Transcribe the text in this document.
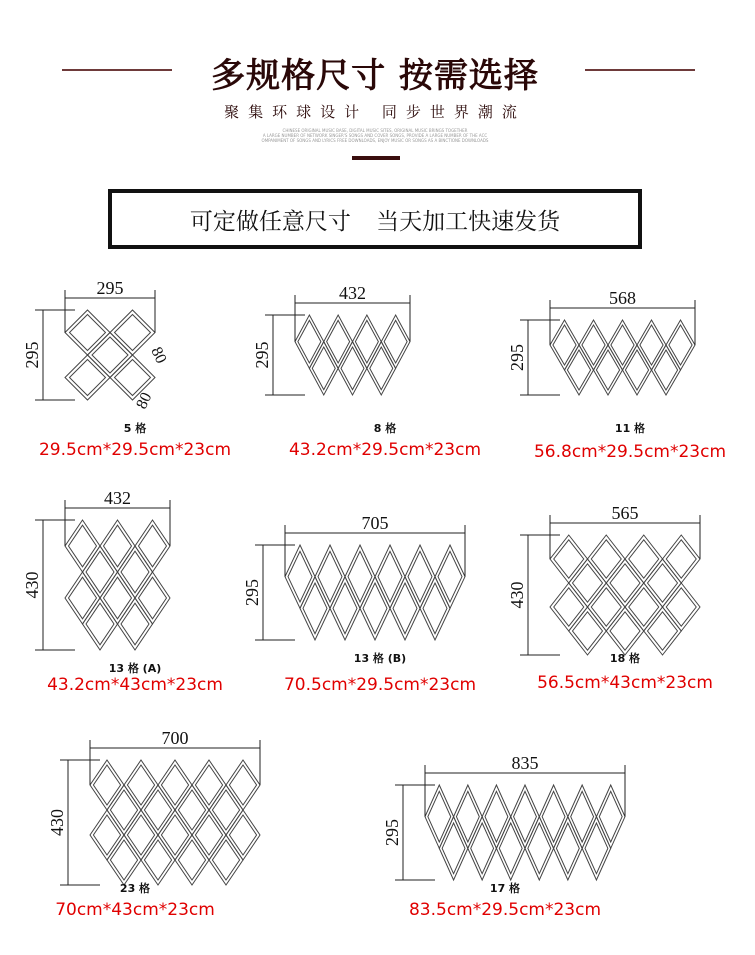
多规格尺寸 按需选择
聚集环球设计 同步世界潮流
CHINESE ORIGINAL MUSIC BASE, DIGITAL MUSIC SITES, ORIGINAL MUSIC BRINGS TOGETHER
A LARGE NUMBER OF NETWORK SINGER'S SONGS AND COVER SONGS, PROVIDE A LARGE NUMBER OF THE ACC
OMPANIMENT OF SONGS AND LYRICS FREE DOWNLOADS, ENJOY MUSIC OR SONGS AS A BINCTIONE DOWNLOADS
可定做任意尺寸 当天加工快速发货
295
295	80
80
5 格
29.5cm*29.5cm*23cm
432
295
8 格
43.2cm*29.5cm*23cm
568
295
11 格
56.8cm*29.5cm*23cm
432
430
13 格 (A)
43.2cm*43cm*23cm
705
295
13 格 (B)
70.5cm*29.5cm*23cm
565
430
18 格
56.5cm*43cm*23cm
700
430
23 格
70cm*43cm*23cm
835
295
17 格
83.5cm*29.5cm*23cm
